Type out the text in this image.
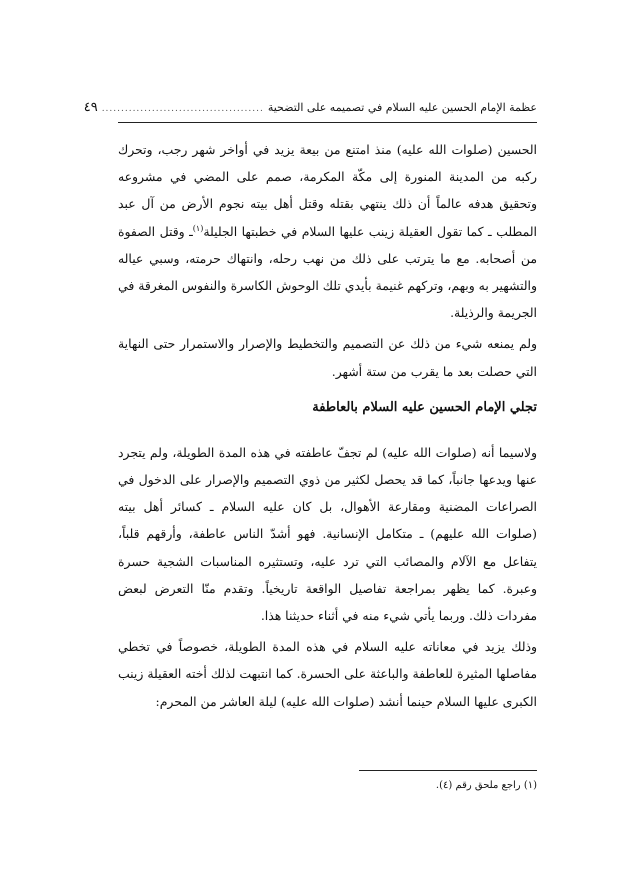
عظمة الإمام الحسين عليه السلام في تصميمه على التضحية
..........................................
٤٩

الحسين (صلوات الله عليه) منذ امتنع من بيعة يزيد في أواخر شهر رجب، وتحرك ركبه من المدينة المنورة إلى مكّة المكرمة، صمم على المضي في مشروعه وتحقيق هدفه عالماً أن ذلك ينتهي بقتله وقتل أهل بيته نجوم الأرض من آل عبد المطلب ـ كما تقول العقيلة زينب عليها السلام في خطبتها الجليلة$^{(١)}$ـ وقتل الصفوة من أصحابه. مع ما يترتب على ذلك من نهب رحله، وانتهاك حرمته، وسبي عياله والتشهير به وبهم، وتركهم غنيمة بأيدي تلك الوحوش الكاسرة والنفوس المغرقة في الجريمة والرذيلة.

ولم يمنعه شيء من ذلك عن التصميم والتخطيط والإصرار والاستمرار حتى النهاية التي حصلت بعد ما يقرب من ستة أشهر.

تجلي الإمام الحسين عليه السلام بالعاطفة

ولاسيما أنه (صلوات الله عليه) لم تجفّ عاطفته في هذه المدة الطويلة، ولم يتجرد عنها ويدعها جانباً، كما قد يحصل لكثير من ذوي التصميم والإصرار على الدخول في الصراعات المضنية ومقارعة الأهوال، بل كان عليه السلام ـ كسائر أهل بيته (صلوات الله عليهم) ـ متكامل الإنسانية. فهو أشدّ الناس عاطفة، وأرقهم قلباً، يتفاعل مع الآلام والمصائب التي ترد عليه، وتستثيره المناسبات الشجية حسرة وعبرة. كما يظهر بمراجعة تفاصيل الواقعة تاريخياً. وتقدم منّا التعرض لبعض مفردات ذلك. وربما يأتي شيء منه في أثناء حديثنا هذا.

وذلك يزيد في معاناته عليه السلام في هذه المدة الطويلة، خصوصاً في تخطي مفاصلها المثيرة للعاطفة والباعثة على الحسرة. كما انتبهت لذلك أخته العقيلة زينب الكبرى عليها السلام حينما أنشد (صلوات الله عليه) ليلة العاشر من المحرم:

(١) راجع ملحق رقم (٤).
